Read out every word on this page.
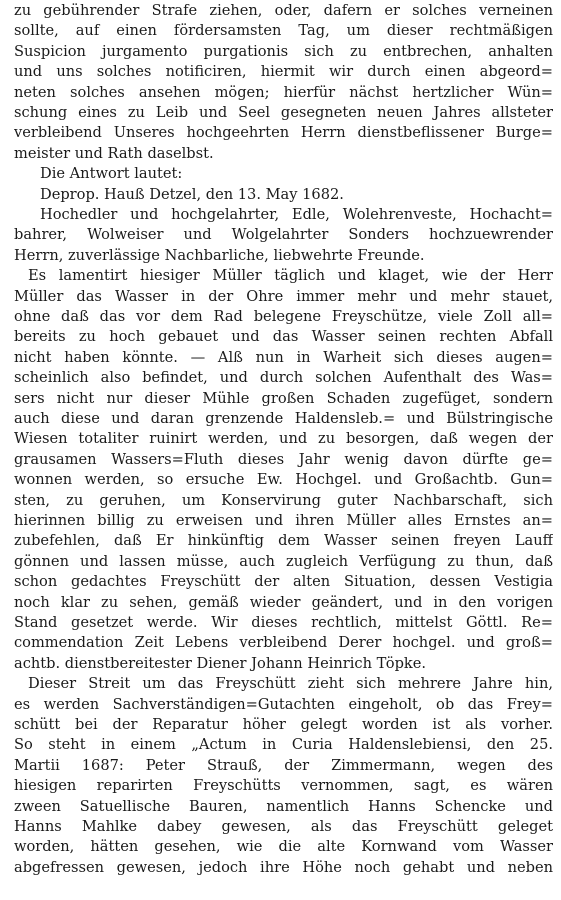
zu gebührender Strafe ziehen, oder, dafern er solches verneinen
sollte, auf einen fördersamsten Tag, um dieser rechtmäßigen
Suspicion jurgamento purgationis sich zu entbrechen, anhalten
und uns solches notificiren, hiermit wir durch einen abgeord=
neten solches ansehen mögen; hierfür nächst hertzlicher Wün=
schung eines zu Leib und Seel gesegneten neuen Jahres allsteter
verbleibend Unseres hochgeehrten Herrn dienstbeflissener Burge=
meister und Rath daselbst.
Die Antwort lautet:
Deprop. Hauß Detzel, den 13. May 1682.
Hochedler und hochgelahrter, Edle, Wolehrenveste, Hochacht=
bahrer, Wolweiser und Wolgelahrter Sonders hochzuewrender
Herrn, zuverlässige Nachbarliche, liebwehrte Freunde.
Es lamentirt hiesiger Müller täglich und klaget, wie der Herr
Müller das Wasser in der Ohre immer mehr und mehr stauet,
ohne daß das vor dem Rad belegene Freyschütze, viele Zoll all=
bereits zu hoch gebauet und das Wasser seinen rechten Abfall
nicht haben könnte. — Alß nun in Warheit sich dieses augen=
scheinlich also befindet, und durch solchen Aufenthalt des Was=
sers nicht nur dieser Mühle großen Schaden zugefüget, sondern
auch diese und daran grenzende Haldensleb.= und Bülstringische
Wiesen totaliter ruinirt werden, und zu besorgen, daß wegen der
grausamen Wassers=Fluth dieses Jahr wenig davon dürfte ge=
wonnen werden, so ersuche Ew. Hochgel. und Großachtb. Gun=
sten, zu geruhen, um Konservirung guter Nachbarschaft, sich
hierinnen billig zu erweisen und ihren Müller alles Ernstes an=
zubefehlen, daß Er hinkünftig dem Wasser seinen freyen Lauff
gönnen und lassen müsse, auch zugleich Verfügung zu thun, daß
schon gedachtes Freyschütt der alten Situation, dessen Vestigia
noch klar zu sehen, gemäß wieder geändert, und in den vorigen
Stand gesetzet werde. Wir dieses rechtlich, mittelst Göttl. Re=
commendation Zeit Lebens verbleibend Derer hochgel. und groß=
achtb. dienstbereitester Diener Johann Heinrich Töpke.
Dieser Streit um das Freyschütt zieht sich mehrere Jahre hin,
es werden Sachverständigen=Gutachten eingeholt, ob das Frey=
schütt bei der Reparatur höher gelegt worden ist als vorher.
So steht in einem „Actum in Curia Haldenslebiensi, den 25.
Martii 1687: Peter Strauß, der Zimmermann, wegen des
hiesigen reparirten Freyschütts vernommen, sagt, es wären
zween Satuellische Bauren, namentlich Hanns Schencke und
Hanns Mahlke dabey gewesen, als das Freyschütt geleget
worden, hätten gesehen, wie die alte Kornwand vom Wasser
abgefressen gewesen, jedoch ihre Höhe noch gehabt und neben
